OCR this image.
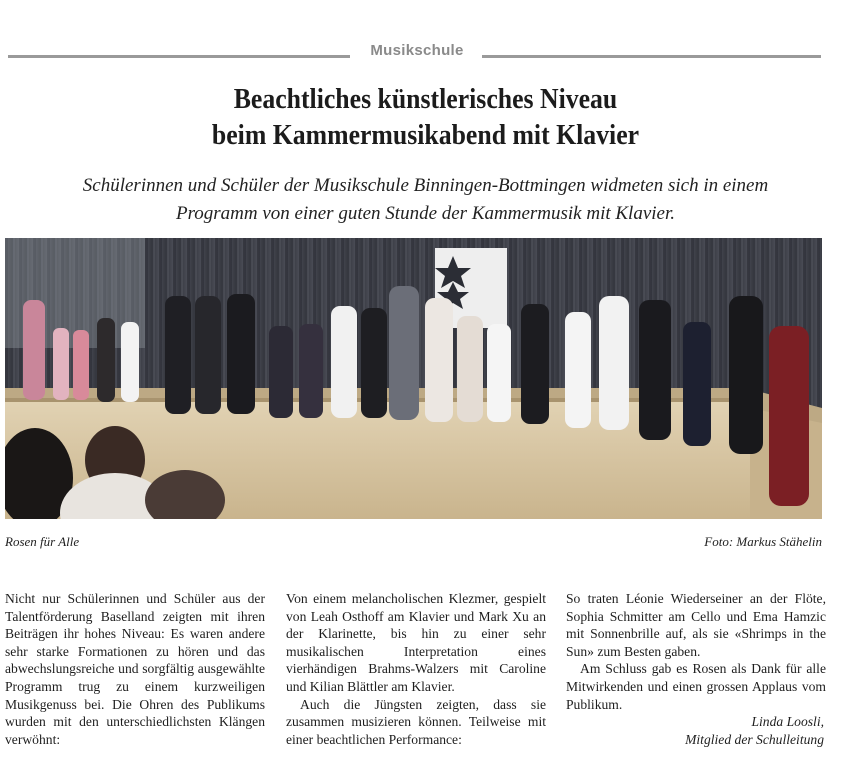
Musikschule
Beachtliches künstlerisches Niveau
beim Kammermusikabend mit Klavier
Schülerinnen und Schüler der Musikschule Binningen-Bottmingen widmeten sich in einem
Programm von einer guten Stunde der Kammermusik mit Klavier.
Rosen für Alle	Foto: Markus Stähelin

Nicht nur Schülerinnen und Schüler aus der Talentförderung Baselland zeigten mit ihren Beiträgen ihr hohes Niveau: Es waren andere sehr starke Formationen zu hören und das abwechslungsreiche und sorgfältig ausgewählte Programm trug zu einem kurzweiligen Musikgenuss bei. Die Ohren des Publikums wurden mit den unterschiedlichsten Klängen verwöhnt:

Von einem melancholischen Klezmer, gespielt von Leah Osthoff am Klavier und Mark Xu an der Klarinette, bis hin zu einer sehr musikalischen Interpretation eines vierhändigen Brahms-Walzers mit Caroline und Kilian Blättler am Klavier.

Auch die Jüngsten zeigten, dass sie zusammen musizieren können. Teilweise mit einer beachtlichen Performance:

So traten Léonie Wiederseiner an der Flöte, Sophia Schmitter am Cello und Ema Hamzic mit Sonnenbrille auf, als sie «Shrimps in the Sun» zum Besten gaben.

Am Schluss gab es Rosen als Dank für alle Mitwirkenden und einen grossen Applaus vom Publikum.

Linda Loosli,
Mitglied der Schulleitung
